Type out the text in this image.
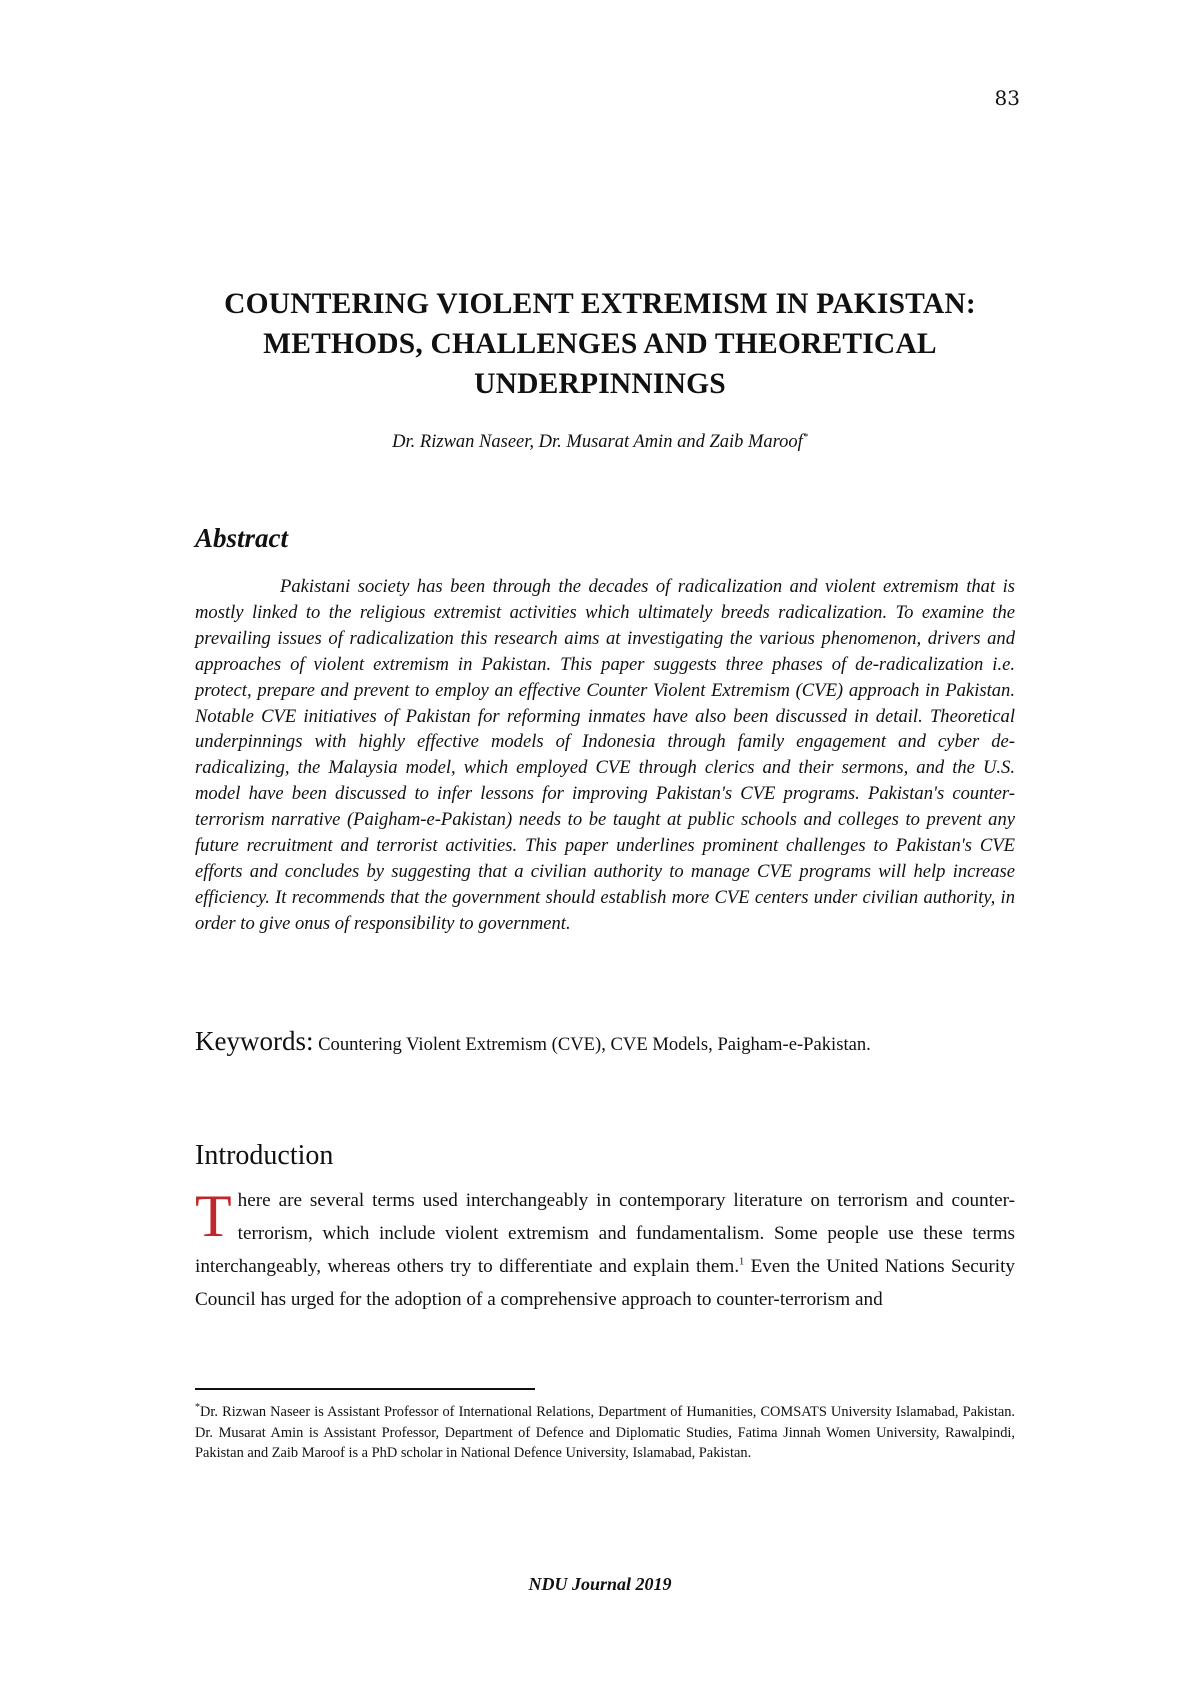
83
COUNTERING VIOLENT EXTREMISM IN PAKISTAN: METHODS, CHALLENGES AND THEORETICAL UNDERPINNINGS
Dr. Rizwan Naseer, Dr. Musarat Amin and Zaib Maroof*
Abstract

Pakistani society has been through the decades of radicalization and violent extremism that is mostly linked to the religious extremist activities which ultimately breeds radicalization. To examine the prevailing issues of radicalization this research aims at investigating the various phenomenon, drivers and approaches of violent extremism in Pakistan. This paper suggests three phases of de-radicalization i.e. protect, prepare and prevent to employ an effective Counter Violent Extremism (CVE) approach in Pakistan. Notable CVE initiatives of Pakistan for reforming inmates have also been discussed in detail. Theoretical underpinnings with highly effective models of Indonesia through family engagement and cyber de-radicalizing, the Malaysia model, which employed CVE through clerics and their sermons, and the U.S. model have been discussed to infer lessons for improving Pakistan's CVE programs. Pakistan's counter-terrorism narrative (Paigham-e-Pakistan) needs to be taught at public schools and colleges to prevent any future recruitment and terrorist activities. This paper underlines prominent challenges to Pakistan's CVE efforts and concludes by suggesting that a civilian authority to manage CVE programs will help increase efficiency. It recommends that the government should establish more CVE centers under civilian authority, in order to give onus of responsibility to government.

Keywords: Countering Violent Extremism (CVE), CVE Models, Paigham-e-Pakistan.

Introduction

There are several terms used interchangeably in contemporary literature on terrorism and counter-terrorism, which include violent extremism and fundamentalism. Some people use these terms interchangeably, whereas others try to differentiate and explain them.$^1$ Even the United Nations Security Council has urged for the adoption of a comprehensive approach to counter-terrorism and

*Dr. Rizwan Naseer is Assistant Professor of International Relations, Department of Humanities, COMSATS University Islamabad, Pakistan. Dr. Musarat Amin is Assistant Professor, Department of Defence and Diplomatic Studies, Fatima Jinnah Women University, Rawalpindi, Pakistan and Zaib Maroof is a PhD scholar in National Defence University, Islamabad, Pakistan.

NDU Journal 2019
